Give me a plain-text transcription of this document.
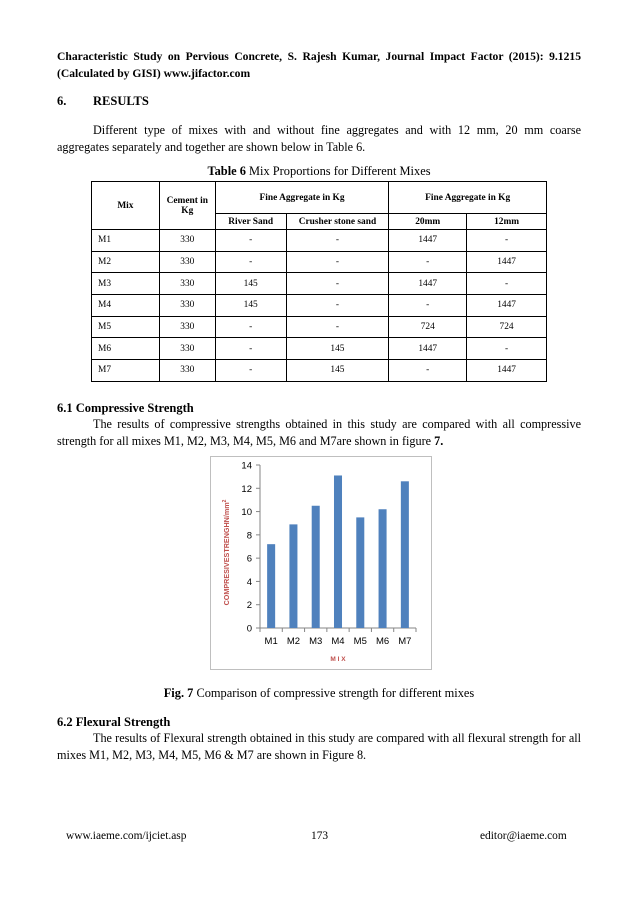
Characteristic Study on Pervious Concrete, S. Rajesh Kumar, Journal Impact Factor (2015): 9.1215 (Calculated by GISI) www.jifactor.com
6. RESULTS
Different type of mixes with and without fine aggregates and with 12 mm, 20 mm coarse aggregates separately and together are shown below in Table 6.
Table 6 Mix Proportions for Different Mixes
Mix	Cement in Kg	Fine Aggregate in Kg		Fine Aggregate in Kg	
		River Sand	Crusher stone sand	20mm	12mm
M1	330	-	-	1447	-
M2	330	-	-	-	1447
M3	330	145	-	1447	-
M4	330	145	-	-	1447
M5	330	-	-	724	724
M6	330	-	145	1447	-
M7	330	-	145	-	1447
6.1 Compressive Strength
The results of compressive strengths obtained in this study are compared with all compressive strength for all mixes M1, M2, M3, M4, M5, M6 and M7are shown in figure 7.
0
2
4
6
8
10
12
14
M1 M2 M3 M4 M5 M6 M7
COMPRESIVESTRENGHN/$mm^2$
M I X
Fig. 7 Comparison of compressive strength for different mixes
6.2 Flexural Strength
The results of Flexural strength obtained in this study are compared with all flexural strength for all mixes M1, M2, M3, M4, M5, M6 & M7 are shown in Figure 8.
www.iaeme.com/ijciet.asp	173	editor@iaeme.com
